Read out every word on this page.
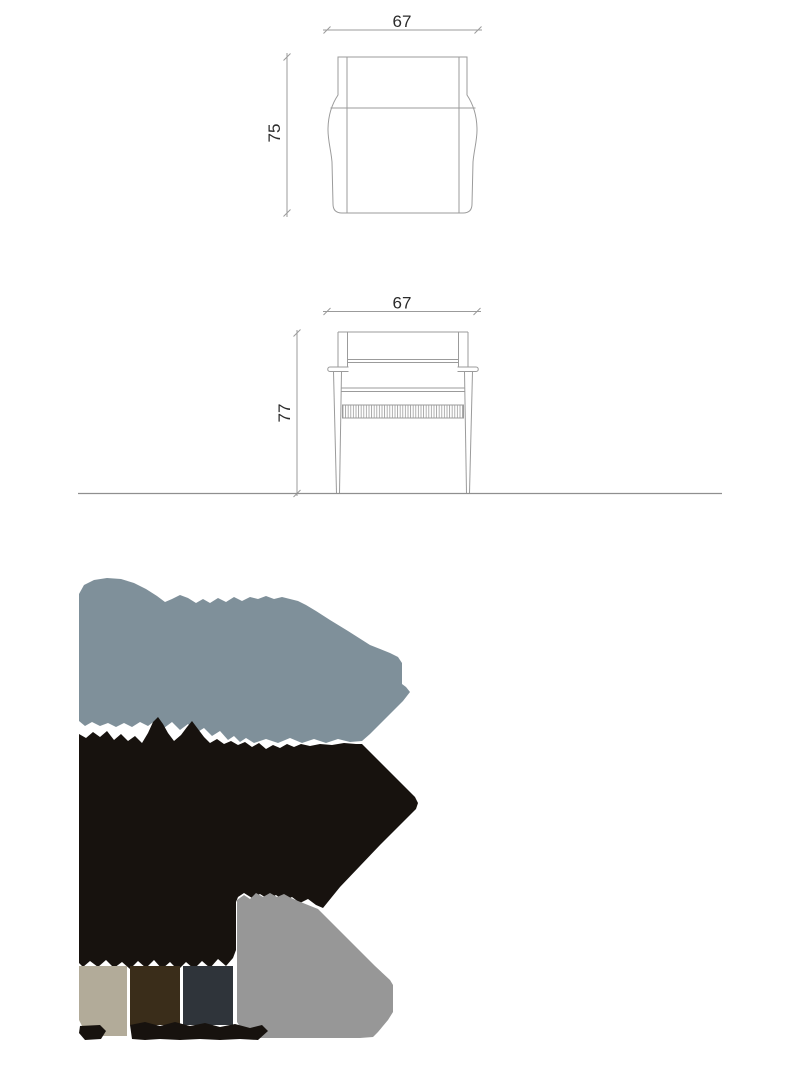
67
75
67
77
